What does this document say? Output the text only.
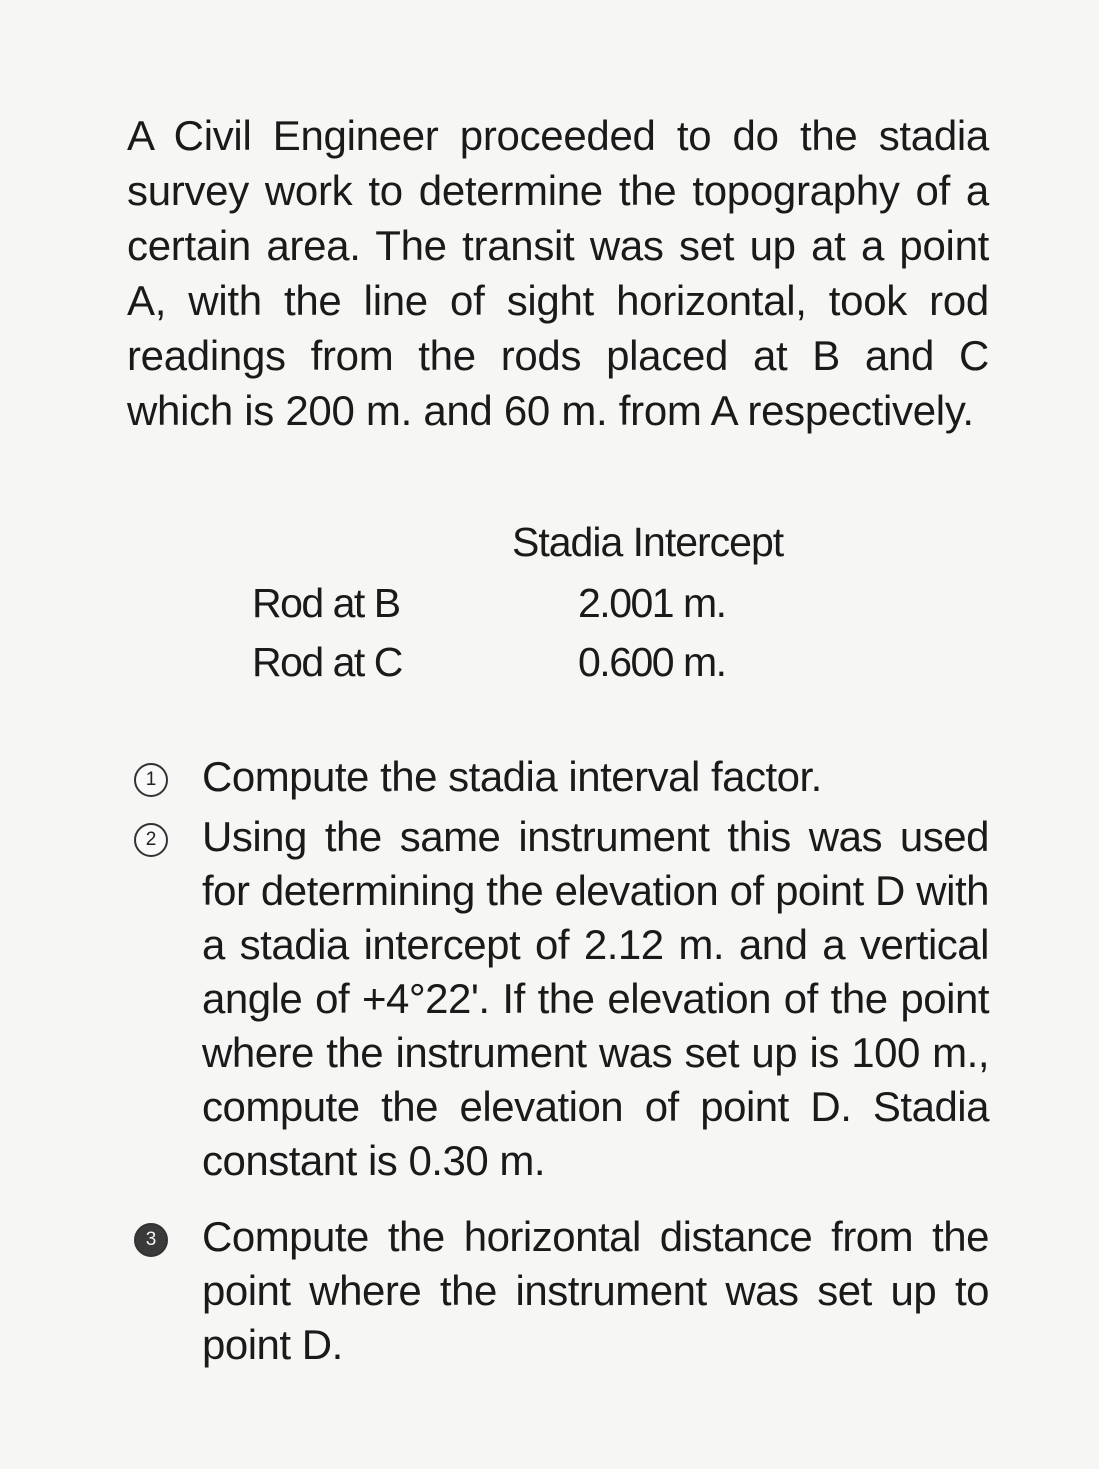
A Civil Engineer proceeded to do the stadia survey work to determine the topography of a certain area. The transit was set up at a point A, with the line of sight horizontal, took rod readings from the rods placed at B and C which is 200 m. and 60 m. from A respectively.

Stadia Intercept
Rod at B	2.001 m.
Rod at C	0.600 m.
1 Compute the stadia interval factor.

2 Using the same instrument this was used for determining the elevation of point D with a stadia intercept of 2.12 m. and a vertical angle of +4°22'. If the elevation of the point where the instrument was set up is 100 m., compute the elevation of point D. Stadia constant is 0.30 m.

3 Compute the horizontal distance from the point where the instrument was set up to point D.
